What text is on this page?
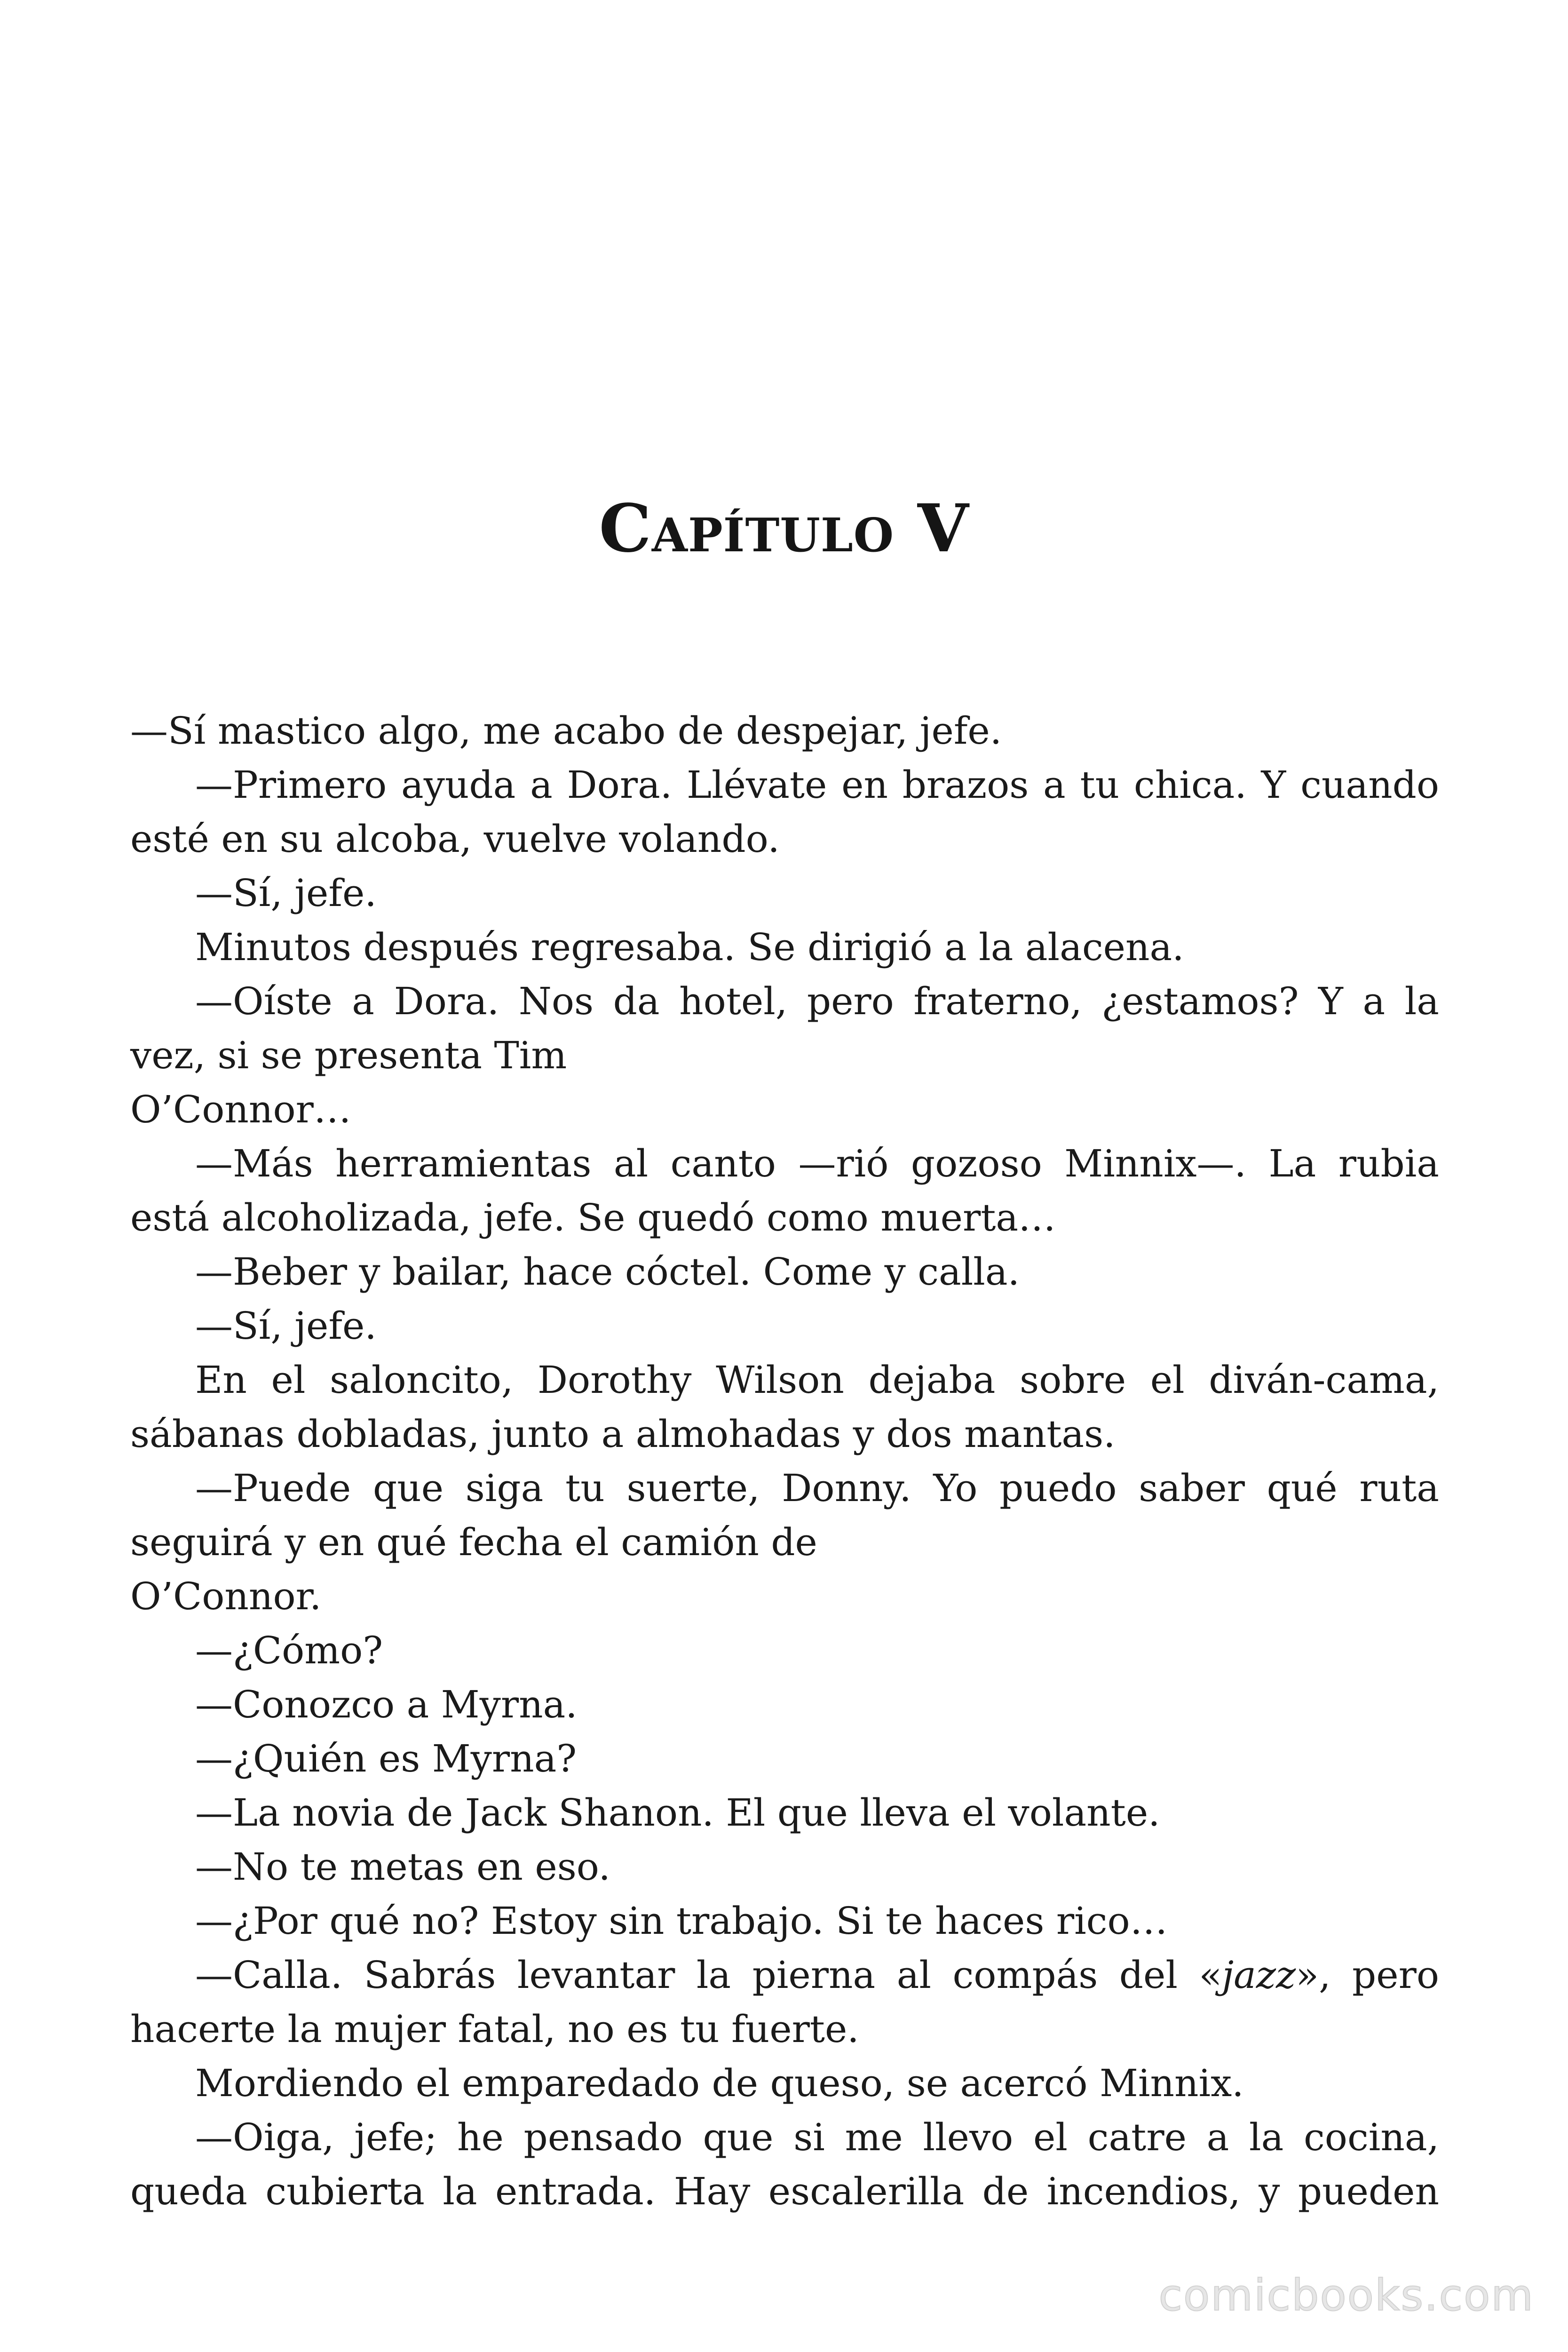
Capítulo V

—Sí mastico algo, me acabo de despejar, jefe.

—Primero ayuda a Dora. Llévate en brazos a tu chica. Y cuando esté en su alcoba, vuelve volando.

—Sí, jefe.

Minutos después regresaba. Se dirigió a la alacena.

—Oíste a Dora. Nos da hotel, pero fraterno, ¿estamos? Y a la vez, si se presenta Tim

O’Connor…

—Más herramientas al canto —rió gozoso Minnix—. La rubia está alcoholizada, jefe. Se quedó como muerta…

—Beber y bailar, hace cóctel. Come y calla.

—Sí, jefe.

En el saloncito, Dorothy Wilson dejaba sobre el diván-cama, sábanas dobladas, junto a almohadas y dos mantas.

—Puede que siga tu suerte, Donny. Yo puedo saber qué ruta seguirá y en qué fecha el camión de

O’Connor.

—¿Cómo?

—Conozco a Myrna.

—¿Quién es Myrna?

—La novia de Jack Shanon. El que lleva el volante.

—No te metas en eso.

—¿Por qué no? Estoy sin trabajo. Si te haces rico…

—Calla. Sabrás levantar la pierna al compás del «jazz», pero hacerte la mujer fatal, no es tu fuerte.

Mordiendo el emparedado de queso, se acercó Minnix.

—Oiga, jefe; he pensado que si me llevo el catre a la cocina, queda cubierta la entrada. Hay escalerilla de incendios, y pueden

comicbooks.com
